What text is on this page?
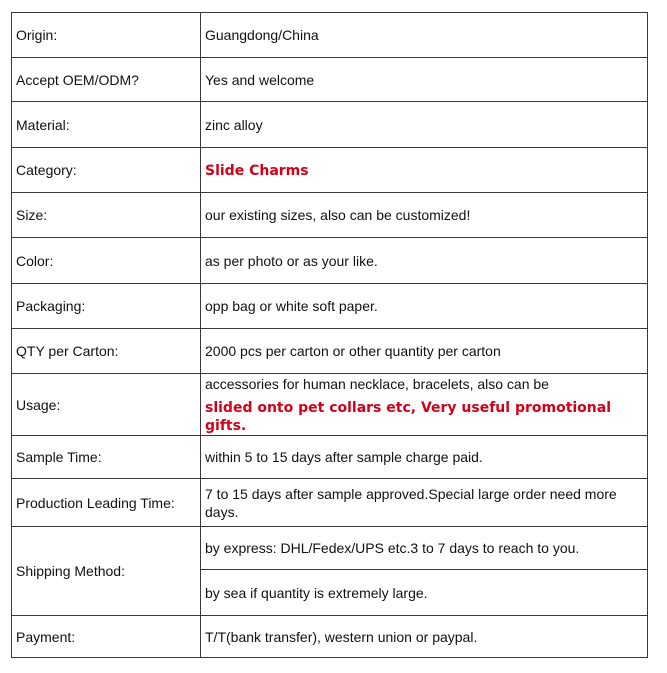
Origin:	Guangdong/China
Accept OEM/ODM?	Yes and welcome
Material:	zinc alloy
Category:	Slide Charms
Size:	our existing sizes, also can be customized!
Color:	as per photo or as your like.
Packaging:	opp bag or white soft paper.
QTY per Carton:	2000 pcs per carton or other quantity per carton
Usage:	accessories for human necklace, bracelets, also can be
slided onto pet collars etc, Very useful promotional gifts.

Sample Time:	within 5 to 15 days after sample charge paid.
Production Leading Time:	7 to 15 days after sample approved.Special large order need more days.
Shipping Method:	by express: DHL/Fedex/UPS etc.3 to 7 days to reach to you.
	by sea if quantity is extremely large.
Payment:	T/T(bank transfer), western union or paypal.
